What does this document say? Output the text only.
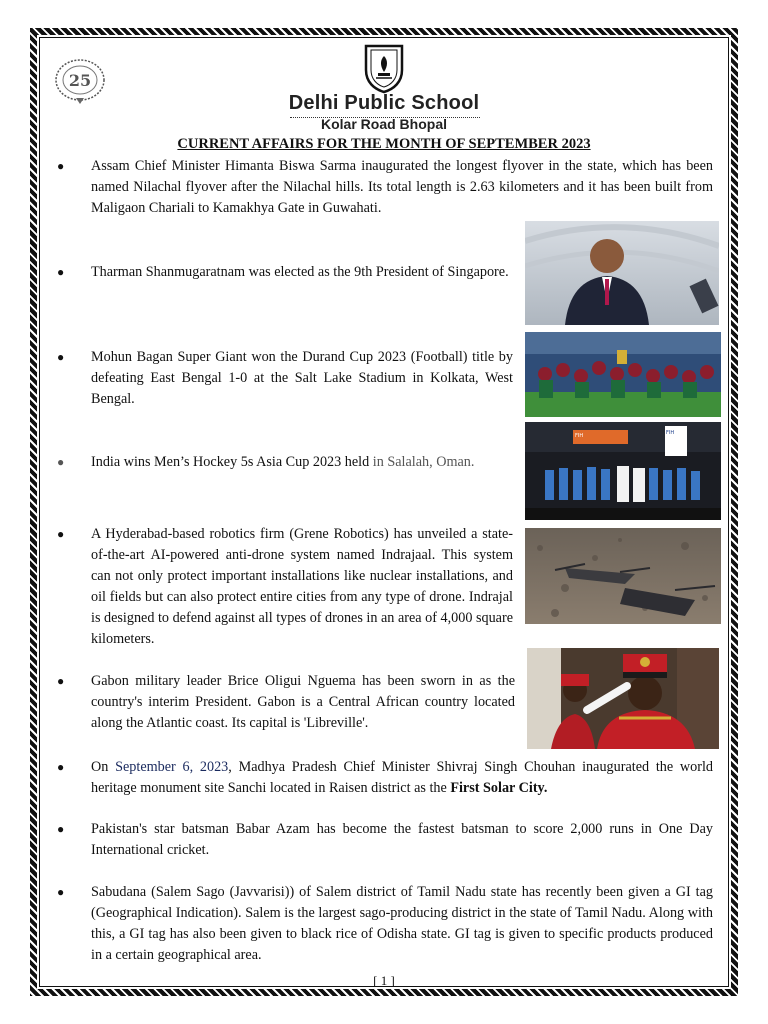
25
Delhi Public School
Kolar Road Bhopal
CURRENT AFFAIRS FOR THE MONTH OF SEPTEMBER 2023
● Assam Chief Minister Himanta Biswa Sarma inaugurated the longest flyover in the state, which has been named Nilachal flyover after the Nilachal hills. Its total length is 2.63 kilometers and it has been built from Maligaon Chariali to Kamakhya Gate in Guwahati.
● Tharman Shanmugaratnam was elected as the 9th President of Singapore.
● Mohun Bagan Super Giant won the Durand Cup 2023 (Football) title by defeating East Bengal 1-0 at the Salt Lake Stadium in Kolkata, West Bengal.
● India wins Men’s Hockey 5s Asia Cup 2023 held in Salalah, Oman.
FIH	FIH
● A Hyderabad-based robotics firm (Grene Robotics) has unveiled a state-of-the-art AI-powered anti-drone system named Indrajaal. This system can not only protect important installations like nuclear installations, and oil fields but can also protect entire cities from any type of drone. Indrajal is designed to defend against all types of drones in an area of 4,000 square kilometers.
● Gabon military leader Brice Oligui Nguema has been sworn in as the country's interim President. Gabon is a Central African country located along the Atlantic coast. Its capital is 'Libreville'.
● On September 6, 2023, Madhya Pradesh Chief Minister Shivraj Singh Chouhan inaugurated the world heritage monument site Sanchi located in Raisen district as the First Solar City.
● Pakistan's star batsman Babar Azam has become the fastest batsman to score 2,000 runs in One Day International cricket.
● Sabudana (Salem Sago (Javvarisi)) of Salem district of Tamil Nadu state has recently been given a GI tag (Geographical Indication). Salem is the largest sago-producing district in the state of Tamil Nadu. Along with this, a GI tag has also been given to black rice of Odisha state. GI tag is given to specific products produced in a certain geographical area.
[ 1 ]
